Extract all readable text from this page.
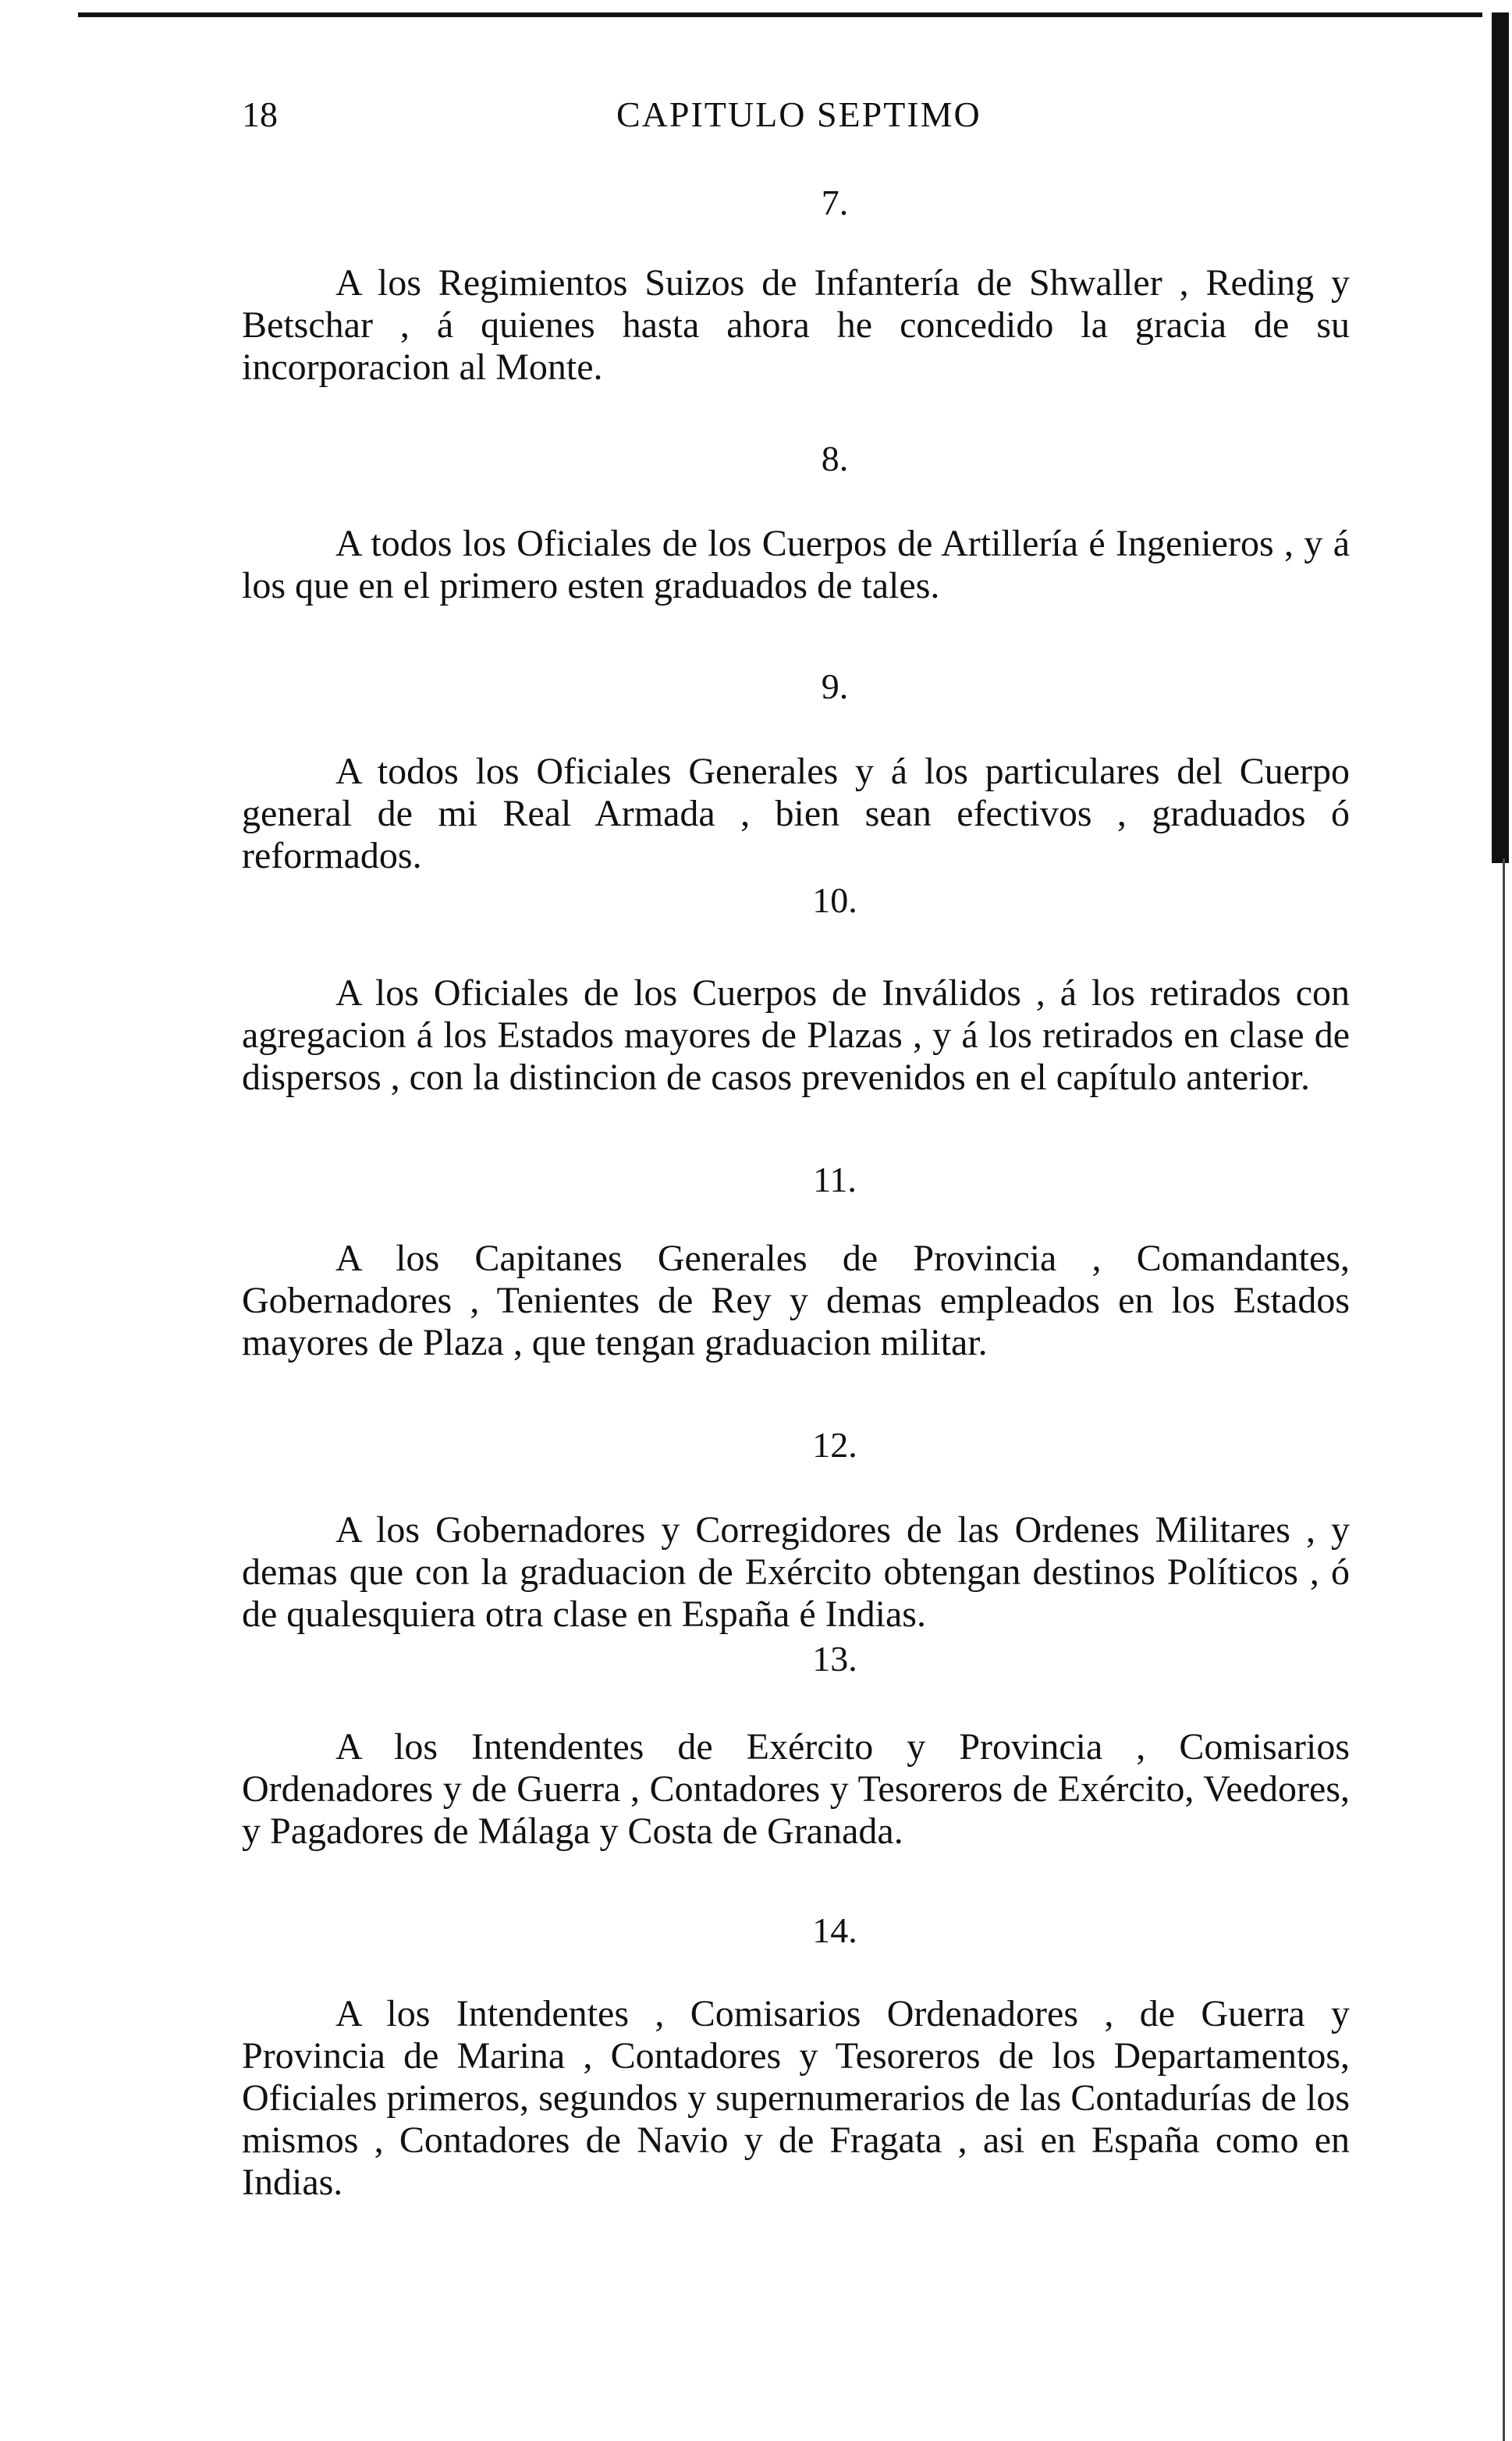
18	CAPITULO SEPTIMO
7.

A los Regimientos Suizos de Infantería de Shwaller , Reding y Betschar , á quienes hasta ahora he concedido la gracia de su incorporacion al Monte.

8.

A todos los Oficiales de los Cuerpos de Artillería é Ingenieros , y á los que en el primero esten graduados de tales.

9.

A todos los Oficiales Generales y á los particulares del Cuerpo general de mi Real Armada , bien sean efectivos , graduados ó reformados.

10.

A los Oficiales de los Cuerpos de Inválidos , á los retirados con agregacion á los Estados mayores de Plazas , y á los retirados en clase de dispersos , con la distincion de casos prevenidos en el capítulo anterior.

11.

A los Capitanes Generales de Provincia , Comandantes, Gobernadores , Tenientes de Rey y demas empleados en los Estados mayores de Plaza , que tengan graduacion militar.

12.

A los Gobernadores y Corregidores de las Ordenes Militares , y demas que con la graduacion de Exército obtengan destinos Políticos , ó de qualesquiera otra clase en España é Indias.

13.

A los Intendentes de Exército y Provincia , Comisarios Ordenadores y de Guerra , Contadores y Tesoreros de Exército, Veedores, y Pagadores de Málaga y Costa de Granada.

14.

A los Intendentes , Comisarios Ordenadores , de Guerra y Provincia de Marina , Contadores y Tesoreros de los Departamentos, Oficiales primeros, segundos y supernumerarios de las Contadurías de los mismos , Contadores de Navio y de Fragata , asi en España como en Indias.
